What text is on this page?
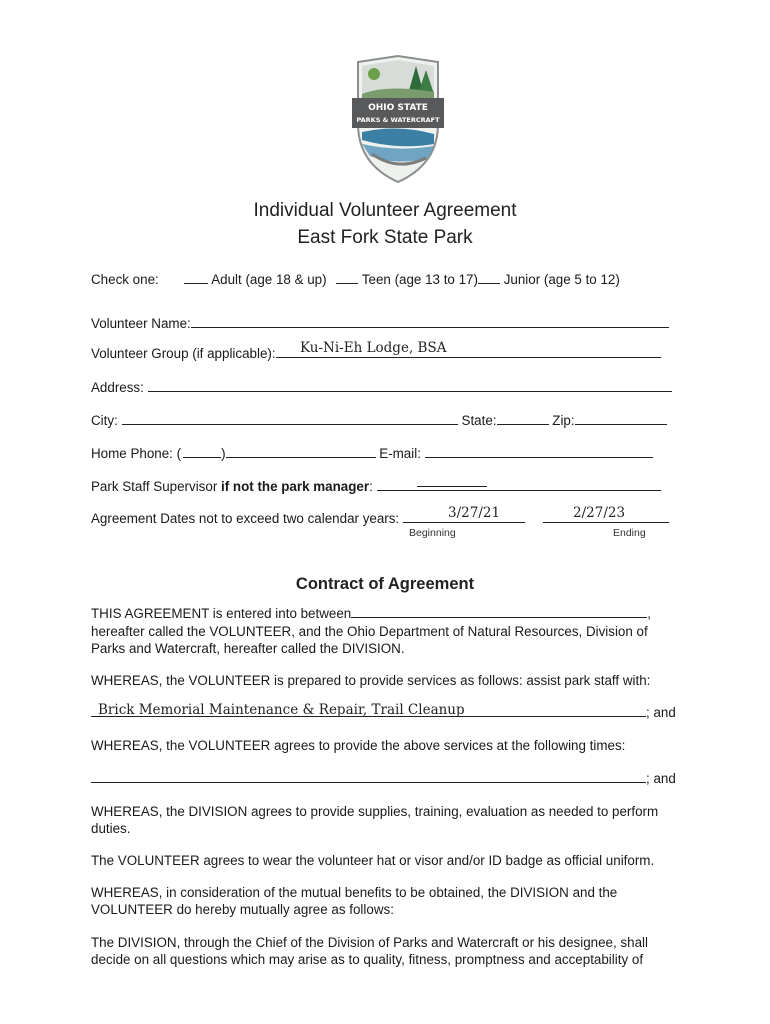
OHIO STATE
PARKS & WATERCRAFT
Individual Volunteer Agreement
East Fork State Park
Check one:	Adult (age 18 & up)	Teen (age 13 to 17) Junior (age 5 to 12)
Volunteer Name:
Volunteer Group (if applicable):	Ku-Ni-Eh Lodge, BSA
Address:
City:	State:	Zip:
Home Phone: (	)	E-mail:
Park Staff Supervisor if not the park manager:
Agreement Dates not to exceed two calendar years:	3/27/21	2/27/23
Beginning	Ending
Contract of Agreement
THIS AGREEMENT is entered into between	,
hereafter called the VOLUNTEER, and the Ohio Department of Natural Resources, Division of Parks and Watercraft, hereafter called the DIVISION.
WHEREAS, the VOLUNTEER is prepared to provide services as follows: assist park staff with:
; and
Brick Memorial Maintenance & Repair, Trail Cleanup
WHEREAS, the VOLUNTEER agrees to provide the above services at the following times:
; and
WHEREAS, the DIVISION agrees to provide supplies, training, evaluation as needed to perform duties.
The VOLUNTEER agrees to wear the volunteer hat or visor and/or ID badge as official uniform.
WHEREAS, in consideration of the mutual benefits to be obtained, the DIVISION and the VOLUNTEER do hereby mutually agree as follows:
The DIVISION, through the Chief of the Division of Parks and Watercraft or his designee, shall decide on all questions which may arise as to quality, fitness, promptness and acceptability of
